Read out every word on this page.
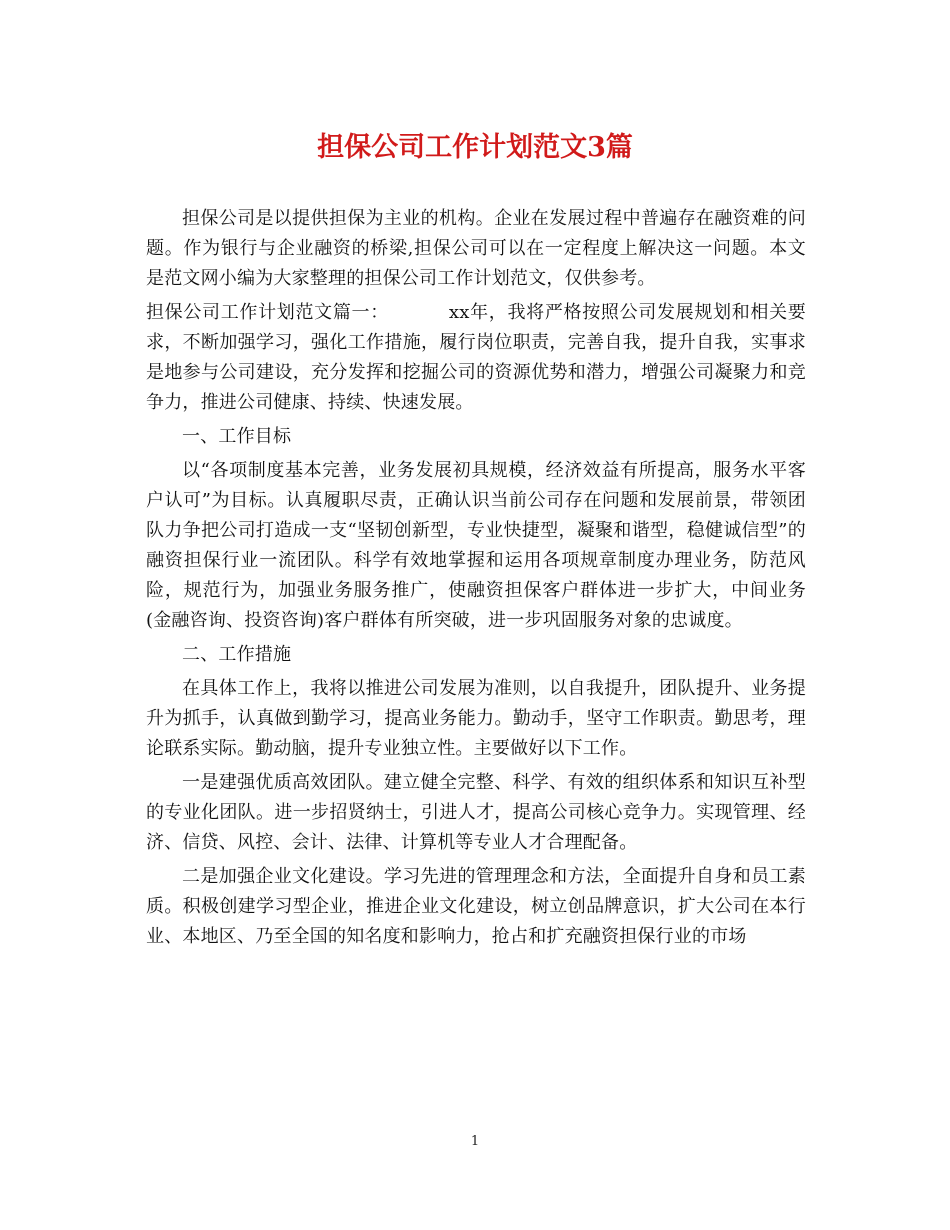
担保公司工作计划范文3篇

担保公司是以提供担保为主业的机构。企业在发展过程中普遍存在融资难的问题。作为银行与企业融资的桥梁,担保公司可以在一定程度上解决这一问题。本文是范文网小编为大家整理的担保公司工作计划范文，仅供参考。

担保公司工作计划范文篇一：	xx年，我将严格按照公司发展规划和相关要求，不断加强学习，强化工作措施，履行岗位职责，完善自我，提升自我，实事求是地参与公司建设，充分发挥和挖掘公司的资源优势和潜力，增强公司凝聚力和竞争力，推进公司健康、持续、快速发展。

一、工作目标

以“各项制度基本完善，业务发展初具规模，经济效益有所提高，服务水平客户认可”为目标。认真履职尽责，正确认识当前公司存在问题和发展前景，带领团队力争把公司打造成一支“坚韧创新型，专业快捷型，凝聚和谐型，稳健诚信型”的融资担保行业一流团队。科学有效地掌握和运用各项规章制度办理业务，防范风险，规范行为，加强业务服务推广，使融资担保客户群体进一步扩大，中间业务(金融咨询、投资咨询)客户群体有所突破，进一步巩固服务对象的忠诚度。

二、工作措施

在具体工作上，我将以推进公司发展为准则，以自我提升，团队提升、业务提升为抓手，认真做到勤学习，提高业务能力。勤动手，坚守工作职责。勤思考，理论联系实际。勤动脑，提升专业独立性。主要做好以下工作。

一是建强优质高效团队。建立健全完整、科学、有效的组织体系和知识互补型的专业化团队。进一步招贤纳士，引进人才，提高公司核心竞争力。实现管理、经济、信贷、风控、会计、法律、计算机等专业人才合理配备。

二是加强企业文化建设。学习先进的管理理念和方法，全面提升自身和员工素质。积极创建学习型企业，推进企业文化建设，树立创品牌意识，扩大公司在本行业、本地区、乃至全国的知名度和影响力，抢占和扩充融资担保行业的市场

1
